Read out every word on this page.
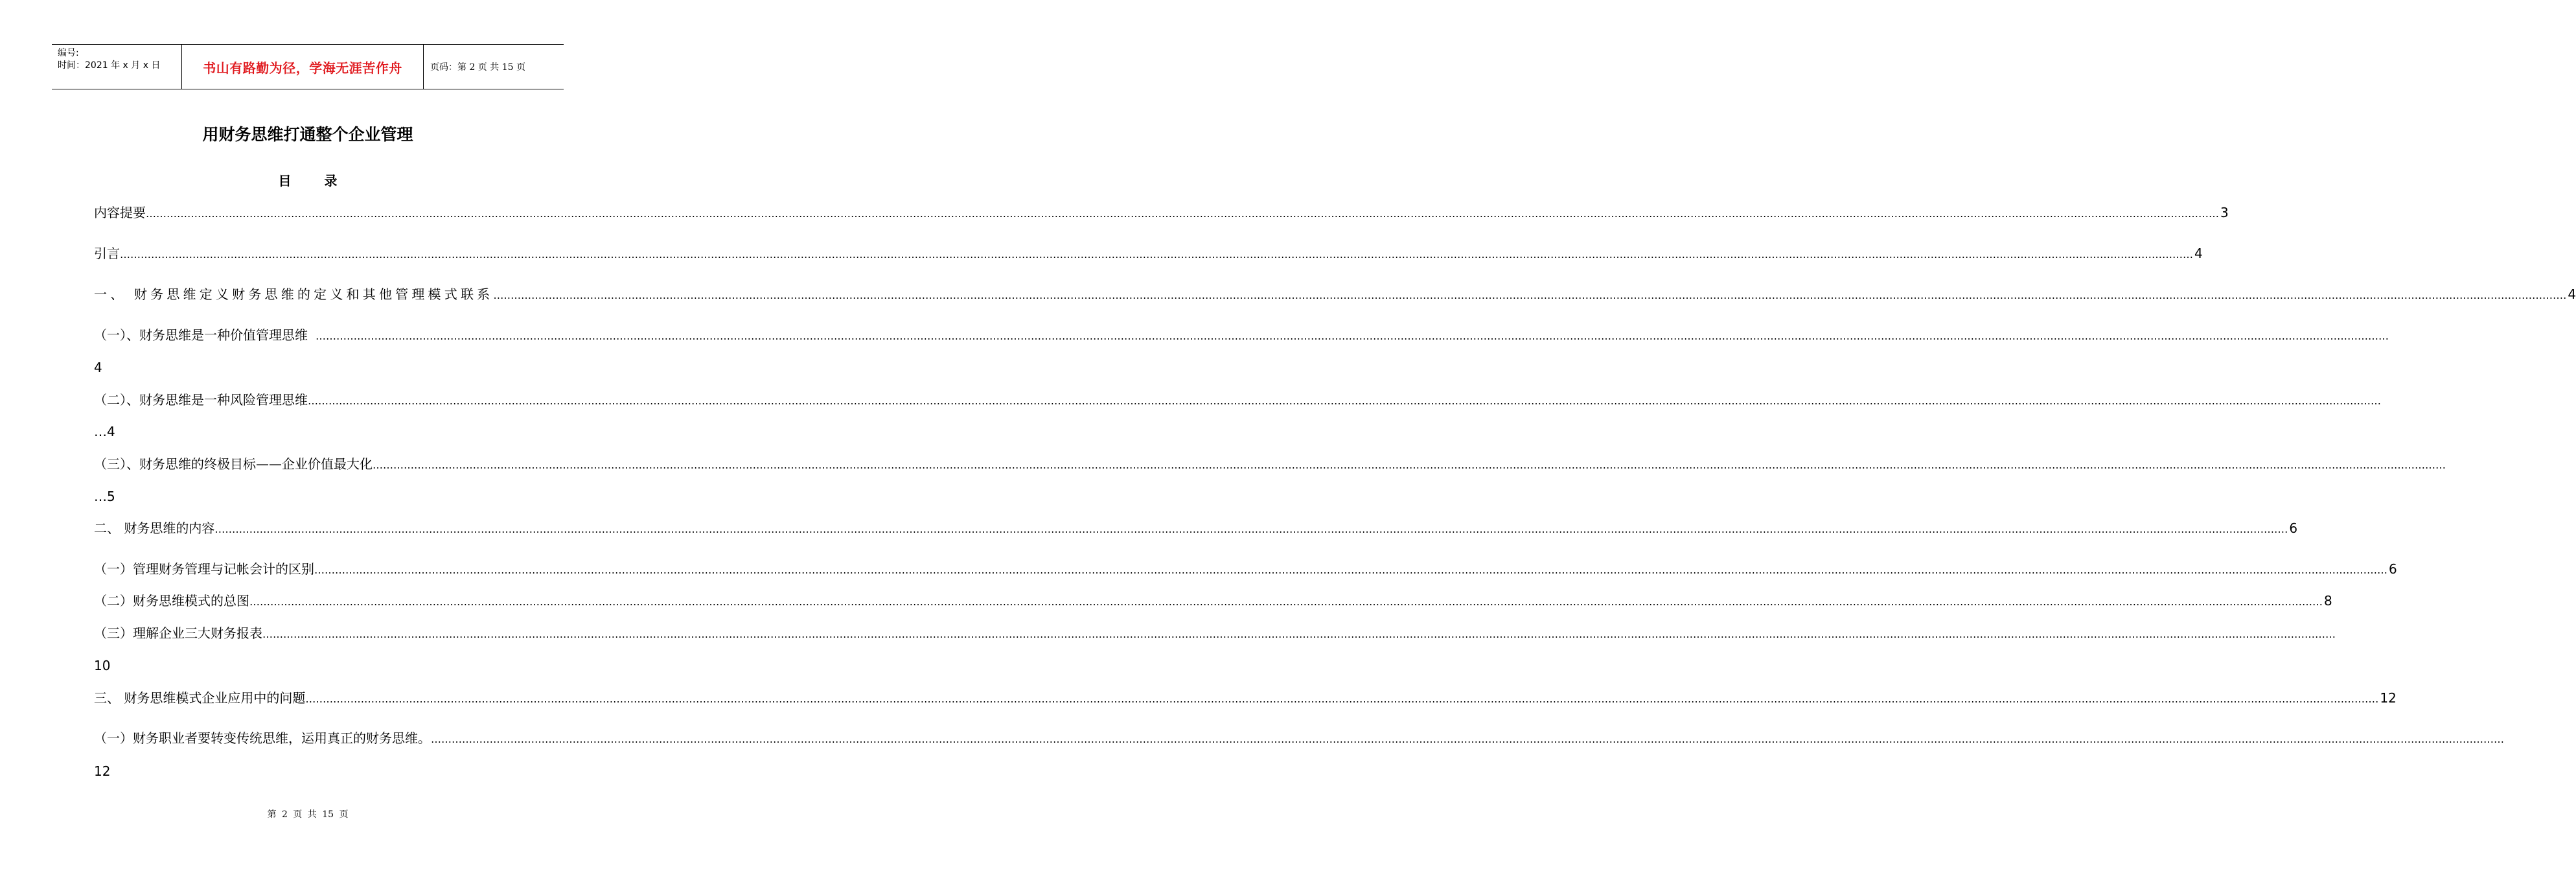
编号:
时间：2021 年 x 月 x 日	书山有路勤为径，学海无涯苦作舟	页码：第 2 页 共 15 页
用财务思维打通整个企业管理
目 录
内容提要 …………………………………………………………………………………………………………………………………………………………………………………………………………………………………………………………………………………………………………………………………………………………………………………………………………………………………………………………………………………………………………………………………………………… 3
引言 …………………………………………………………………………………………………………………………………………………………………………………………………………………………………………………………………………………………………………………………………………………………………………………………………………………………………………………………………………………………………………………………………………………… 4
一、 财务思维定义财务思维的定义和其他管理模式联系 …………………………………………………………………………………………………………………………………………………………………………………………………………………………………………………………………………………………………………………………………………………………………………………………………………………………………………………………………………………………………………………………………………………… 4
（一）、财务思维是一种价值管理思维 ……………………………………………………………………………………………………………………………………………………………………………………………………………………………………………………………………………………………………………………………………………………………………………………………………………………………………………………………………………………………………………………………………………………
4
（二）、财务思维是一种风险管理思维 ……………………………………………………………………………………………………………………………………………………………………………………………………………………………………………………………………………………………………………………………………………………………………………………………………………………………………………………………………………………………………………………………………………………
…4
（三）、财务思维的终极目标——企业价值最大化 ……………………………………………………………………………………………………………………………………………………………………………………………………………………………………………………………………………………………………………………………………………………………………………………………………………………………………………………………………………………………………………………………………………………
…5
二、 财务思维的内容 …………………………………………………………………………………………………………………………………………………………………………………………………………………………………………………………………………………………………………………………………………………………………………………………………………………………………………………………………………………………………………………………………………………… 6
（一）管理财务管理与记帐会计的区别 …………………………………………………………………………………………………………………………………………………………………………………………………………………………………………………………………………………………………………………………………………………………………………………………………………………………………………………………………………………………………………………………………………………… 6
（二）财务思维模式的总图 …………………………………………………………………………………………………………………………………………………………………………………………………………………………………………………………………………………………………………………………………………………………………………………………………………………………………………………………………………………………………………………………………………………… 8
（三）理解企业三大财务报表 ……………………………………………………………………………………………………………………………………………………………………………………………………………………………………………………………………………………………………………………………………………………………………………………………………………………………………………………………………………………………………………………………………………………
10
三、 财务思维模式企业应用中的问题 …………………………………………………………………………………………………………………………………………………………………………………………………………………………………………………………………………………………………………………………………………………………………………………………………………………………………………………………………………………………………………………………………………………… 12
（一）财务职业者要转变传统思维，运用真正的财务思维。 ……………………………………………………………………………………………………………………………………………………………………………………………………………………………………………………………………………………………………………………………………………………………………………………………………………………………………………………………………………………………………………………………………………………
12
第 2 页 共 15 页
